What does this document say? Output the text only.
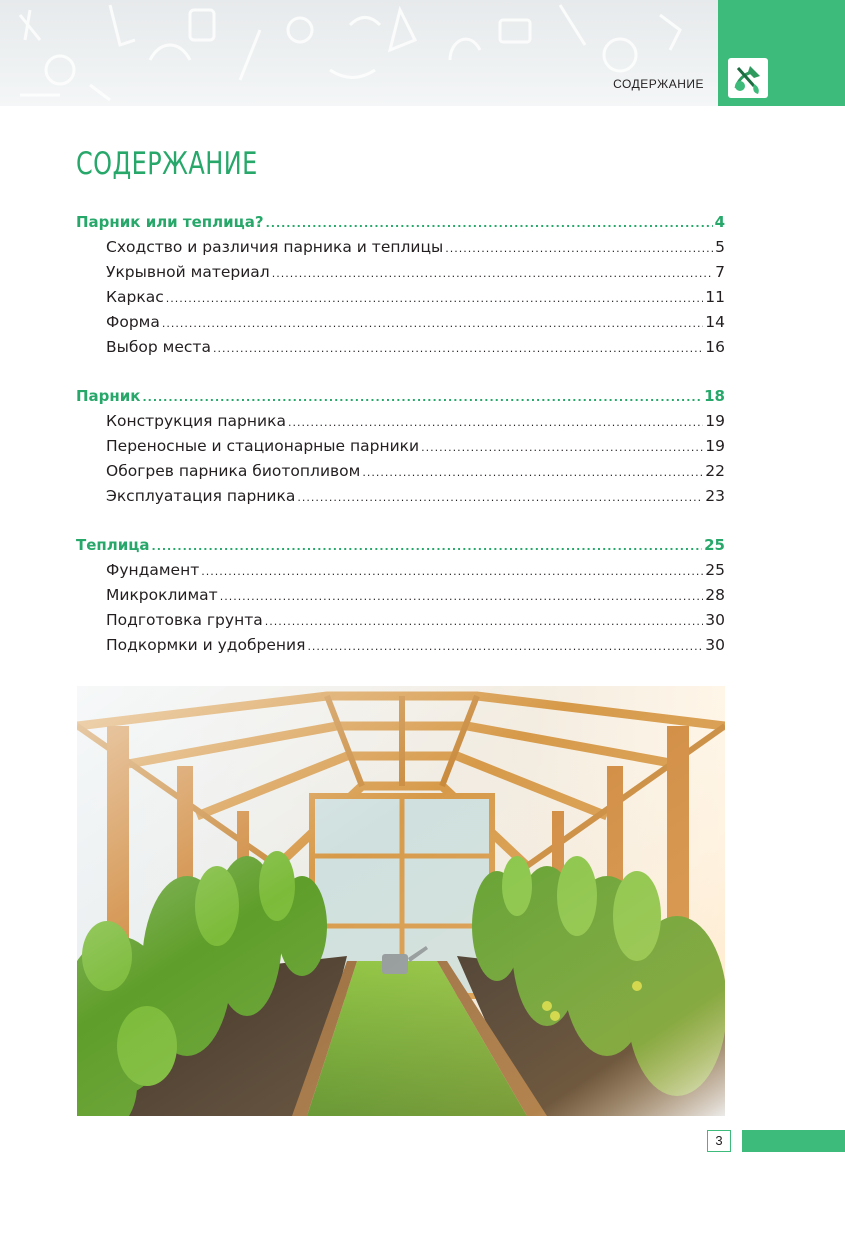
СОДЕРЖАНИЕ
СОДЕРЖАНИЕ
Парник или теплица? .....	4
Сходство и различия парника и теплицы .....	5
Укрывной материал .....	7
Каркас .....	11
Форма .....	14
Выбор места .....	16
Парник .....	18
Конструкция парника .....	19
Переносные и стационарные парники .....	19
Обогрев парника биотопливом .....	22
Эксплуатация парника .....	23
Теплица .....	25
Фундамент .....	25
Микроклимат .....	28
Подготовка грунта .....	30
Подкормки и удобрения .....	30
3
